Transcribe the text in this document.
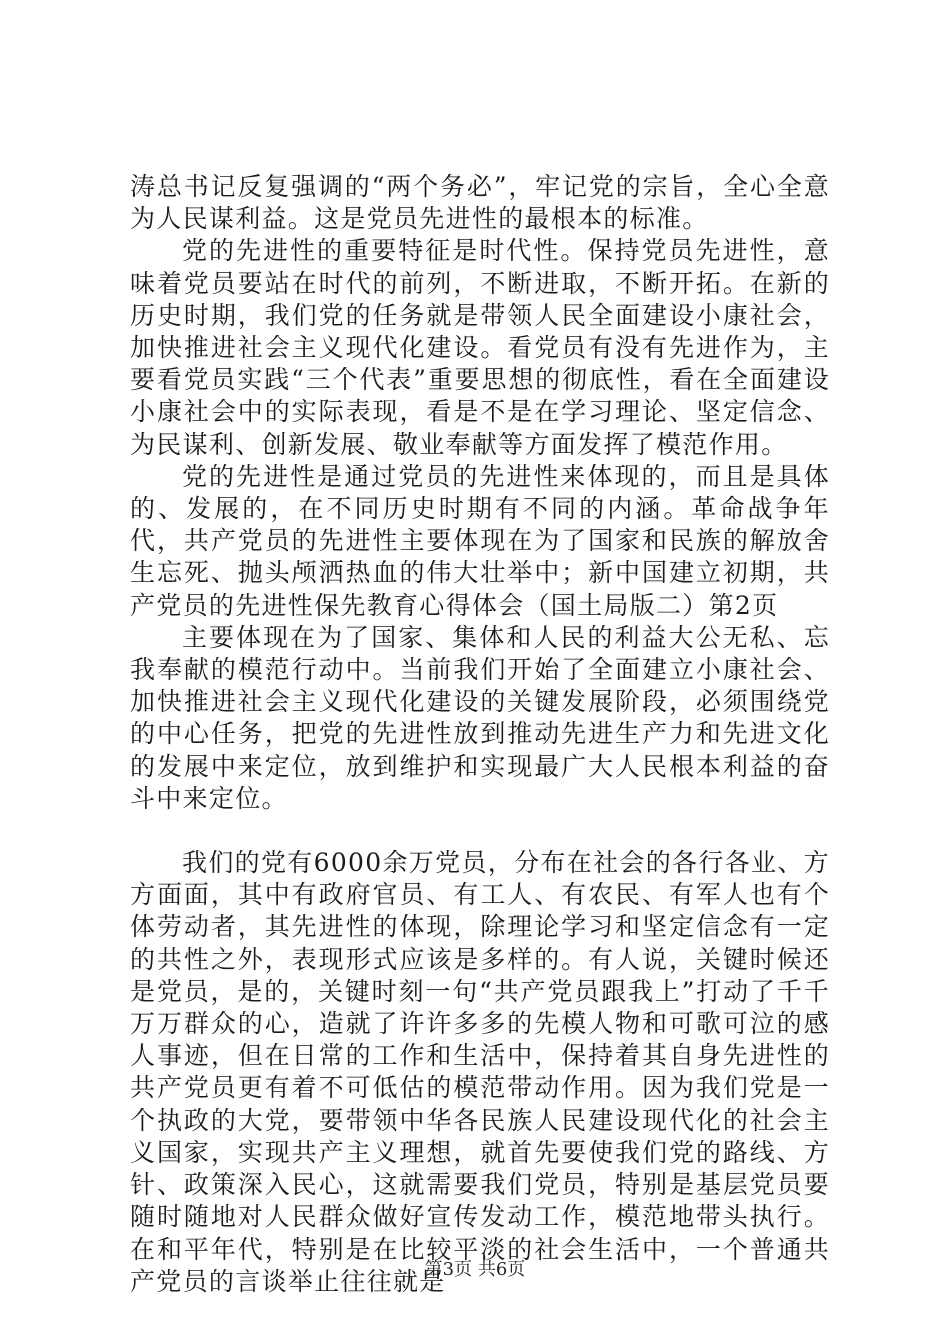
涛总书记反复强调的“两个务必”，牢记党的宗旨，全心全意为人民谋利益。这是党员先进性的最根本的标准。

党的先进性的重要特征是时代性。保持党员先进性，意味着党员要站在时代的前列，不断进取，不断开拓。在新的历史时期，我们党的任务就是带领人民全面建设小康社会，加快推进社会主义现代化建设。看党员有没有先进作为，主要看党员实践“三个代表”重要思想的彻底性，看在全面建设小康社会中的实际表现，看是不是在学习理论、坚定信念、为民谋利、创新发展、敬业奉献等方面发挥了模范作用。

党的先进性是通过党员的先进性来体现的，而且是具体的、发展的，在不同历史时期有不同的内涵。革命战争年代，共产党员的先进性主要体现在为了国家和民族的解放舍生忘死、抛头颅洒热血的伟大壮举中；新中国建立初期，共产党员的先进性保先教育心得体会（国土局版二）第2页

主要体现在为了国家、集体和人民的利益大公无私、忘我奉献的模范行动中。当前我们开始了全面建立小康社会、加快推进社会主义现代化建设的关键发展阶段，必须围绕党的中心任务，把党的先进性放到推动先进生产力和先进文化的发展中来定位，放到维护和实现最广大人民根本利益的奋斗中来定位。

我们的党有6000余万党员，分布在社会的各行各业、方方面面，其中有政府官员、有工人、有农民、有军人也有个体劳动者，其先进性的体现，除理论学习和坚定信念有一定的共性之外，表现形式应该是多样的。有人说，关键时候还是党员，是的，关键时刻一句“共产党员跟我上”打动了千千万万群众的心，造就了许许多多的先模人物和可歌可泣的感人事迹，但在日常的工作和生活中，保持着其自身先进性的共产党员更有着不可低估的模范带动作用。因为我们党是一个执政的大党，要带领中华各民族人民建设现代化的社会主义国家，实现共产主义理想，就首先要使我们党的路线、方针、政策深入民心，这就需要我们党员，特别是基层党员要随时随地对人民群众做好宣传发动工作，模范地带头执行。在和平年代，特别是在比较平淡的社会生活中，一个普通共产党员的言谈举止往往就是

第3页 共6页
